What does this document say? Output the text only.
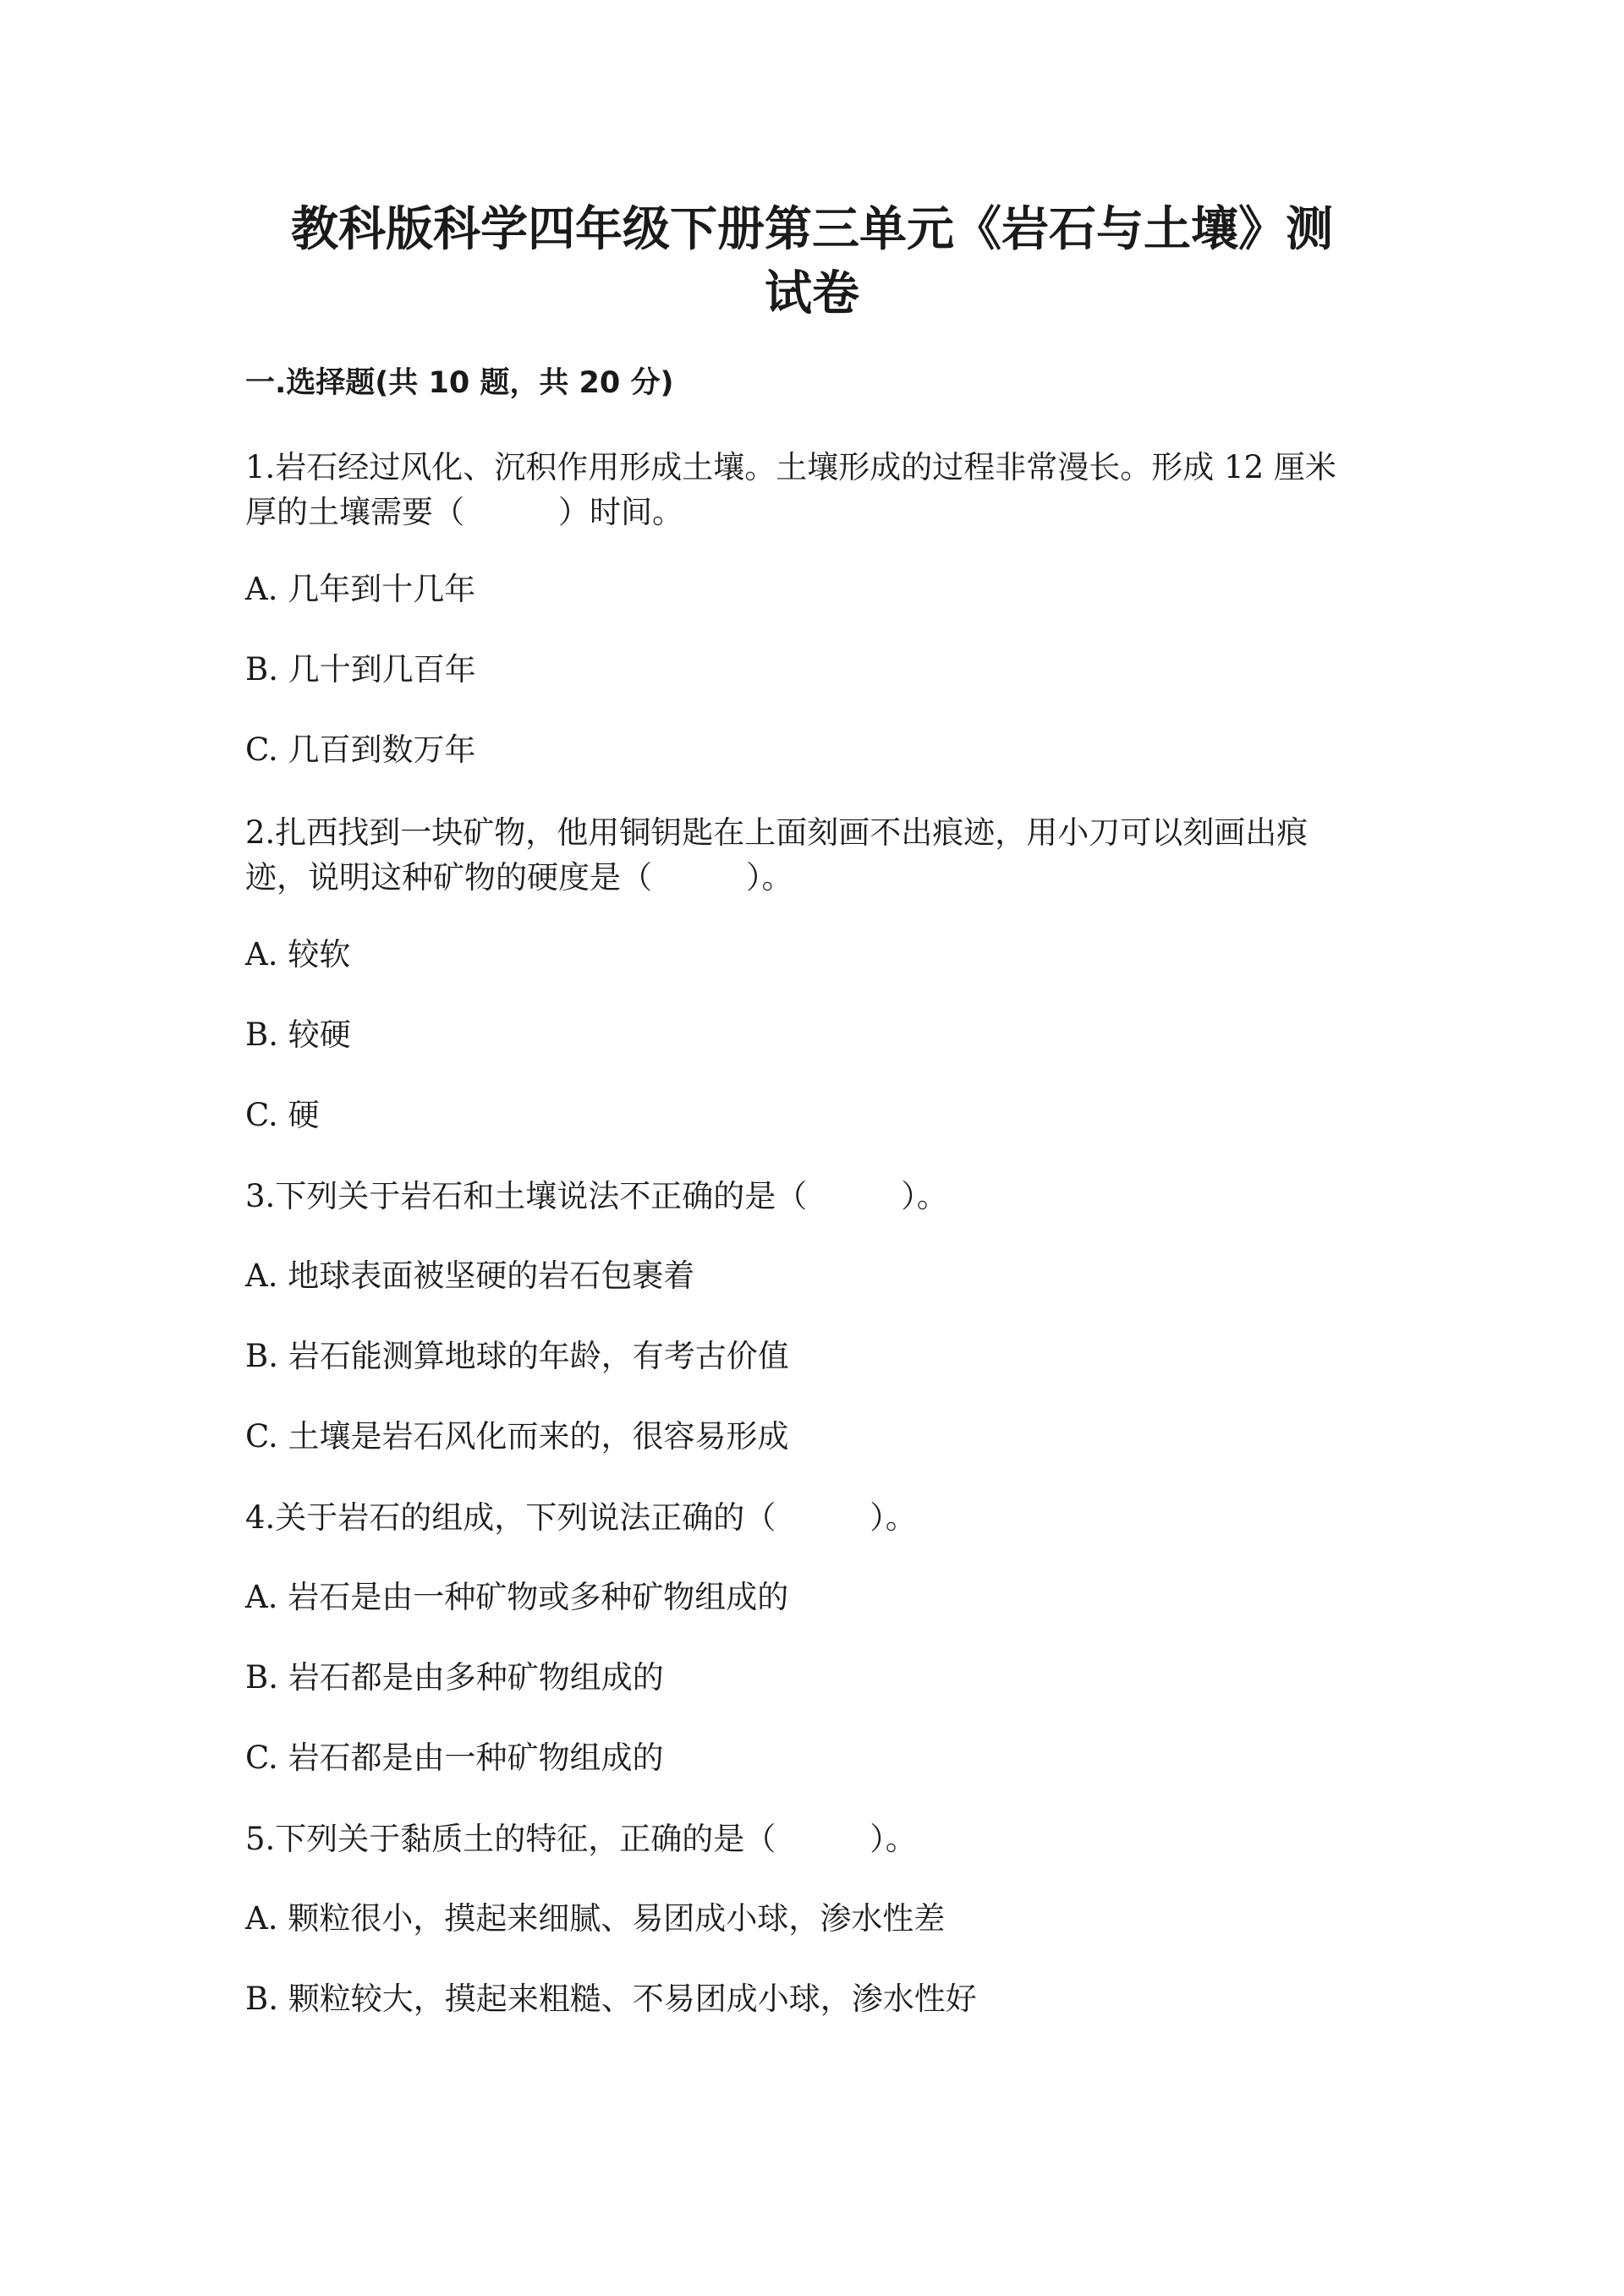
教科版科学四年级下册第三单元《岩石与土壤》测
试卷
一.选择题(共 10 题，共 20 分)

1.岩石经过风化、沉积作用形成土壤。土壤形成的过程非常漫长。形成 12 厘米

厚的土壤需要（　　　）时间。

A. 几年到十几年

B. 几十到几百年

C. 几百到数万年

2.扎西找到一块矿物，他用铜钥匙在上面刻画不出痕迹，用小刀可以刻画出痕

迹，说明这种矿物的硬度是（　　　）。

A. 较软

B. 较硬

C. 硬

3.下列关于岩石和土壤说法不正确的是（　　　）。

A. 地球表面被坚硬的岩石包裹着

B. 岩石能测算地球的年龄，有考古价值

C. 土壤是岩石风化而来的，很容易形成

4.关于岩石的组成，下列说法正确的（　　　）。

A. 岩石是由一种矿物或多种矿物组成的

B. 岩石都是由多种矿物组成的

C. 岩石都是由一种矿物组成的

5.下列关于黏质土的特征，正确的是（　　　）。

A. 颗粒很小，摸起来细腻、易团成小球，渗水性差

B. 颗粒较大，摸起来粗糙、不易团成小球，渗水性好
